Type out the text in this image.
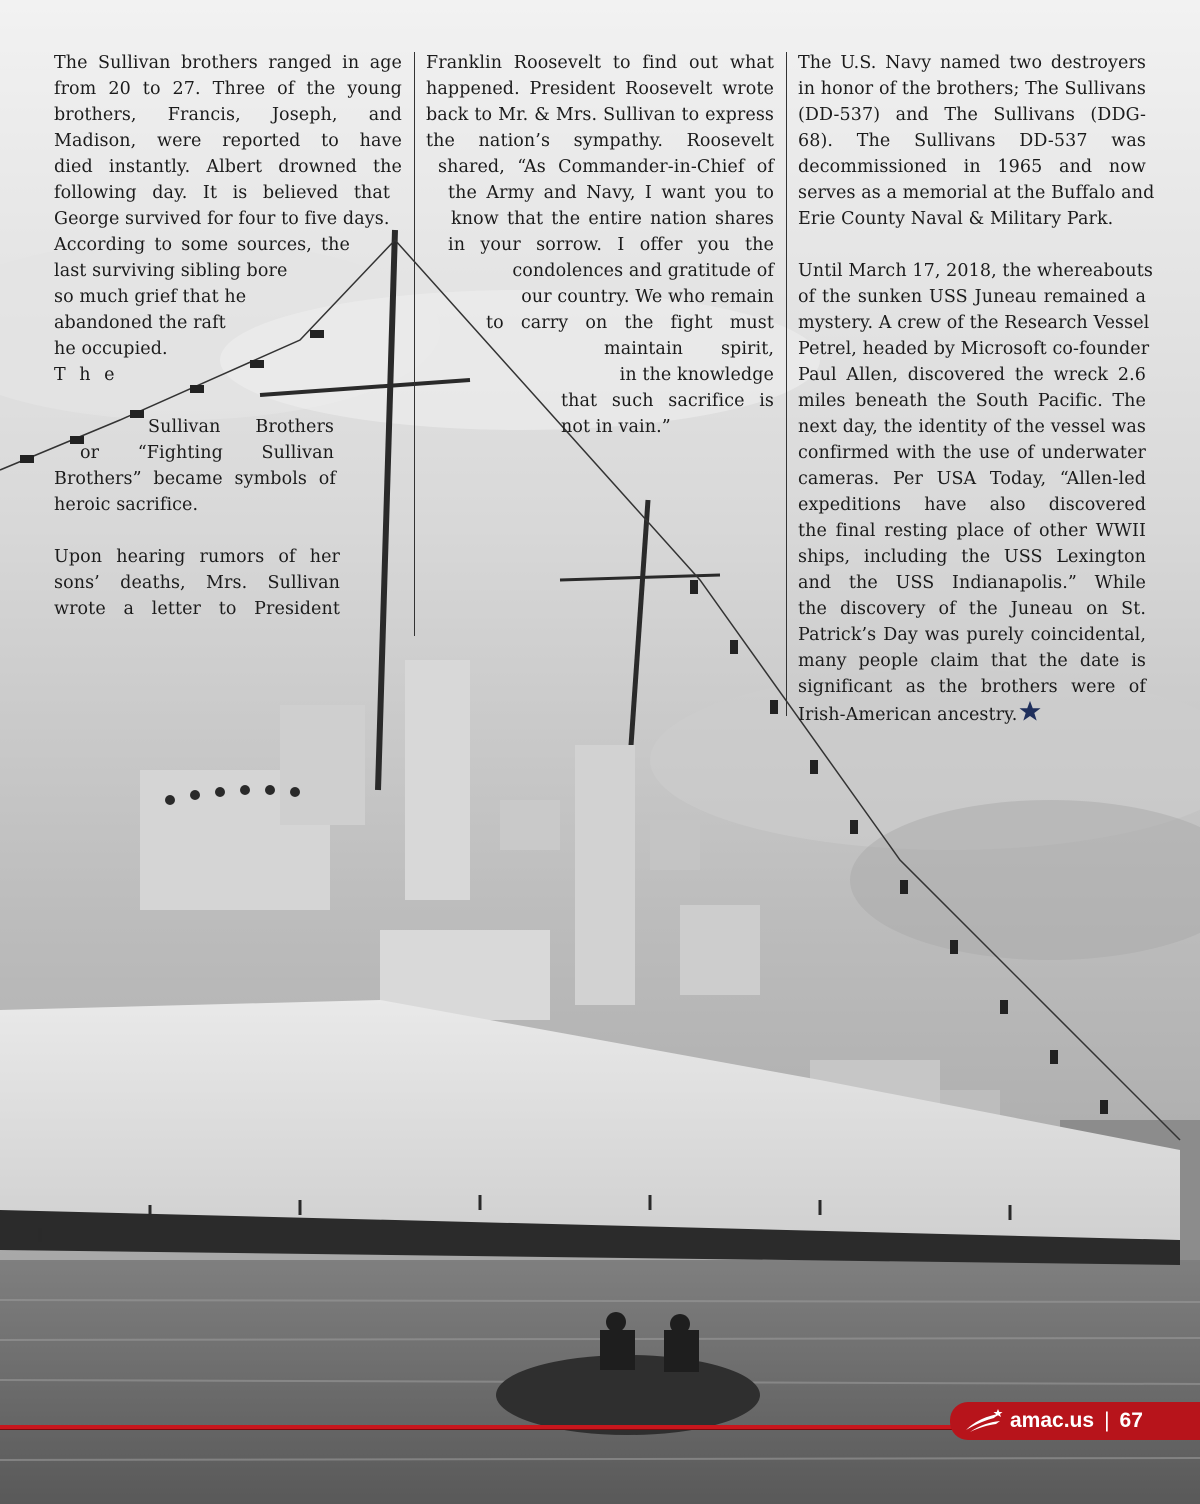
The Sullivan brothers ranged in age
from 20 to 27. Three of the young
brothers, Francis, Joseph, and
Madison, were reported to have
died instantly. Albert drowned the
following day. It is believed that
George survived for four to five days.
According to some sources, the
last surviving sibling bore
so much grief that he
abandoned the raft
he occupied.
T h e
Sullivan Brothers
or “Fighting Sullivan
Brothers” became symbols of
heroic sacrifice.
Upon hearing rumors of her
sons’ deaths, Mrs. Sullivan
wrote a letter to President
Franklin Roosevelt to find out what
happened. President Roosevelt wrote
back to Mr. & Mrs. Sullivan to express
the nation’s sympathy. Roosevelt
shared, “As Commander-in-Chief of
the Army and Navy, I want you to
know that the entire nation shares
in your sorrow. I offer you the
condolences and gratitude of
our country. We who remain
to carry on the fight must
maintain spirit,
in the knowledge
that such sacrifice is
not in vain.”
The U.S. Navy named two destroyers
in honor of the brothers; The Sullivans
(DD-537) and The Sullivans (DDG-
68). The Sullivans DD-537 was
decommissioned in 1965 and now
serves as a memorial at the Buffalo and
Erie County Naval & Military Park.
Until March 17, 2018, the whereabouts
of the sunken USS Juneau remained a
mystery. A crew of the Research Vessel
Petrel, headed by Microsoft co-founder
Paul Allen, discovered the wreck 2.6
miles beneath the South Pacific. The
next day, the identity of the vessel was
confirmed with the use of underwater
cameras. Per USA Today, “Allen-led
expeditions have also discovered
the final resting place of other WWII
ships, including the USS Lexington
and the USS Indianapolis.” While
the discovery of the Juneau on St.
Patrick’s Day was purely coincidental,
many people claim that the date is
significant as the brothers were of
Irish-American ancestry.
amac.us | 67
